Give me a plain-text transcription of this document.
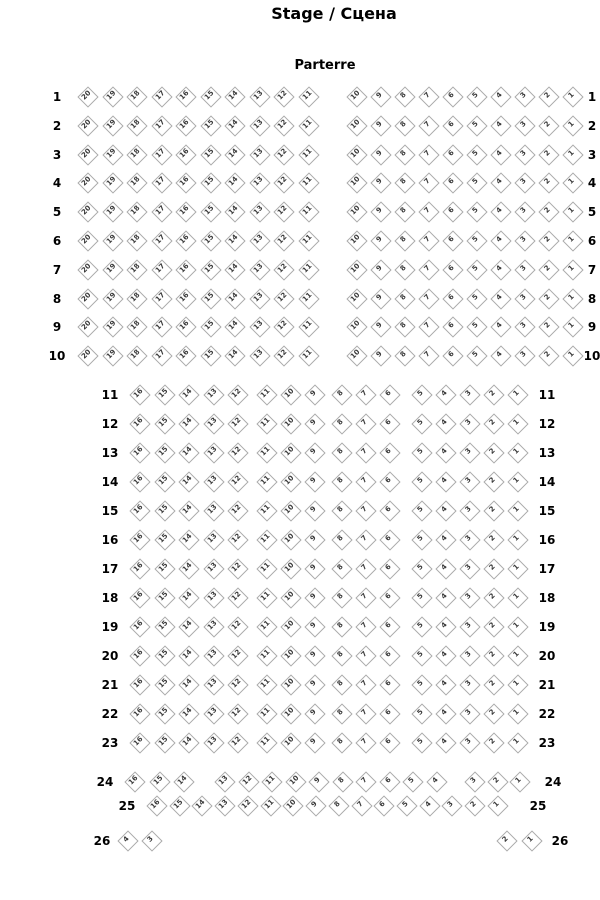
Stage / Сцена
Parterre
1	1
20	19	18	17	16	15	14	13	12	11	10	9	8	7	6	5	4	3	2	1
2	2
20	19	18	17	16	15	14	13	12	11	10	9	8	7	6	5	4	3	2	1
3	3
20	19	18	17	16	15	14	13	12	11	10	9	8	7	6	5	4	3	2	1
4	4
20	19	18	17	16	15	14	13	12	11	10	9	8	7	6	5	4	3	2	1
5	5
20	19	18	17	16	15	14	13	12	11	10	9	8	7	6	5	4	3	2	1
6	6
20	19	18	17	16	15	14	13	12	11	10	9	8	7	6	5	4	3	2	1
7	7
20	19	18	17	16	15	14	13	12	11	10	9	8	7	6	5	4	3	2	1
8	8
20	19	18	17	16	15	14	13	12	11	10	9	8	7	6	5	4	3	2	1
9	9
20	19	18	17	16	15	14	13	12	11	10	9	8	7	6	5	4	3	2	1
10	10
20	19	18	17	16	15	14	13	12	11	10	9	8	7	6	5	4	3	2	1
11	11
16	15	14	13	12	11	10	9	8	7	6	5	4	3	2	1
12	12
16	15	14	13	12	11	10	9	8	7	6	5	4	3	2	1
13	13
16	15	14	13	12	11	10	9	8	7	6	5	4	3	2	1
14	14
16	15	14	13	12	11	10	9	8	7	6	5	4	3	2	1
15	15
16	15	14	13	12	11	10	9	8	7	6	5	4	3	2	1
16	16
16	15	14	13	12	11	10	9	8	7	6	5	4	3	2	1
17	17
16	15	14	13	12	11	10	9	8	7	6	5	4	3	2	1
18	18
16	15	14	13	12	11	10	9	8	7	6	5	4	3	2	1
19	19
16	15	14	13	12	11	10	9	8	7	6	5	4	3	2	1
20	20
16	15	14	13	12	11	10	9	8	7	6	5	4	3	2	1
21	21
16	15	14	13	12	11	10	9	8	7	6	5	4	3	2	1
22	22
16	15	14	13	12	11	10	9	8	7	6	5	4	3	2	1
23	23
16	15	14	13	12	11	10	9	8	7	6	5	4	3	2	1
24	24
16	15	14	13	12	11	10	9	8	7	6	5	4	3	2	1
25	25
16	15	14	13	12	11	10	9	8	7	6	5	4	3	2	1
26	26
4	3	2	1
